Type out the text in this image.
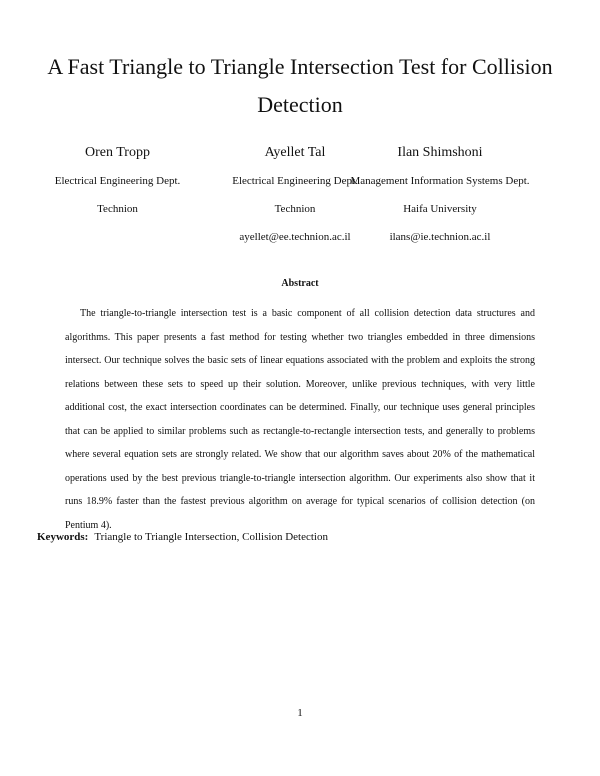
A Fast Triangle to Triangle Intersection Test for Collision
Detection
Oren Tropp
Electrical Engineering Dept.
Technion
Ayellet Tal
Electrical Engineering Dept.
Technion
ayellet@ee.technion.ac.il
Ilan Shimshoni
Management Information Systems Dept.
Haifa University
ilans@ie.technion.ac.il
Abstract

The triangle-to-triangle intersection test is a basic component of all collision detection data structures and algorithms. This paper presents a fast method for testing whether two triangles embedded in three dimensions intersect. Our technique solves the basic sets of linear equations associated with the problem and exploits the strong relations between these sets to speed up their solution. Moreover, unlike previous techniques, with very little additional cost, the exact intersection coordinates can be determined. Finally, our technique uses general principles that can be applied to similar problems such as rectangle-to-rectangle intersection tests, and generally to problems where several equation sets are strongly related. We show that our algorithm saves about 20% of the mathematical operations used by the best previous triangle-to-triangle intersection algorithm. Our experiments also show that it runs 18.9% faster than the fastest previous algorithm on average for typical scenarios of collision detection (on Pentium 4).

Keywords: Triangle to Triangle Intersection, Collision Detection
1
